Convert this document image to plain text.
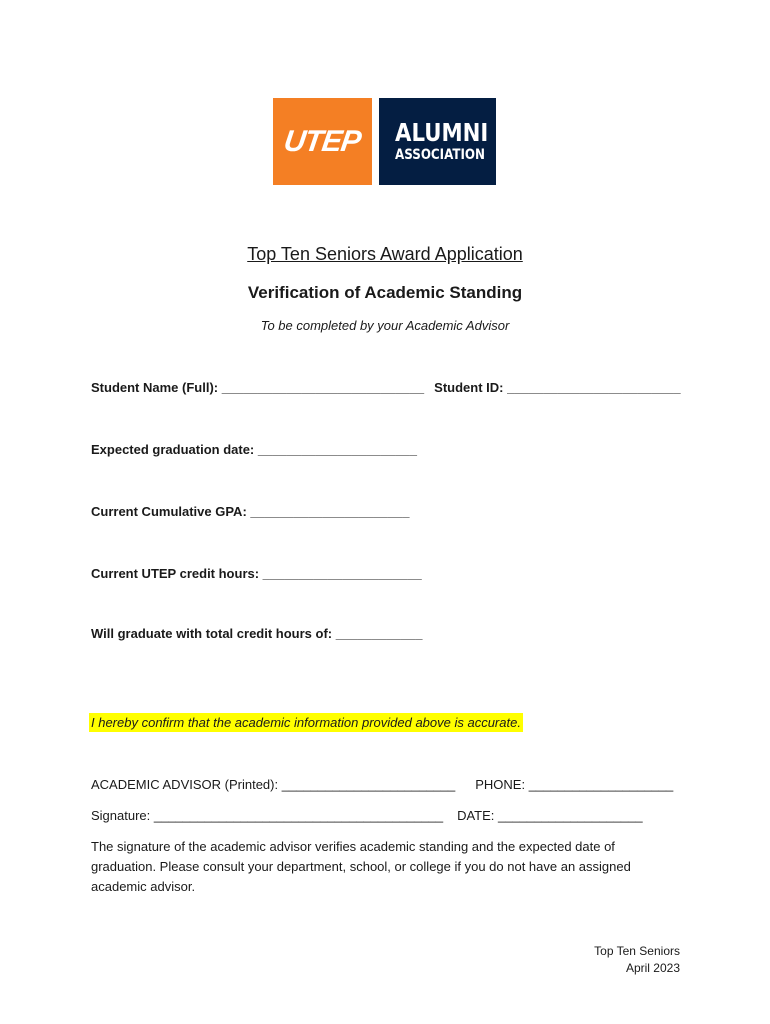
UTEP ALUMNI
ASSOCIATION
Top Ten Seniors Award Application
Verification of Academic Standing
To be completed by your Academic Advisor
Student Name (Full): ____________________________ Student ID: ________________________
Expected graduation date: ______________________
Current Cumulative GPA: ______________________
Current UTEP credit hours: ______________________
Will graduate with total credit hours of: ____________
I hereby confirm that the academic information provided above is accurate.
ACADEMIC ADVISOR (Printed): ________________________ PHONE: ____________________
Signature: ________________________________________ DATE: ____________________
The signature of the academic advisor verifies academic standing and the expected date of graduation. Please consult your department, school, or college if you do not have an assigned academic advisor.
Top Ten Seniors
April 2023
